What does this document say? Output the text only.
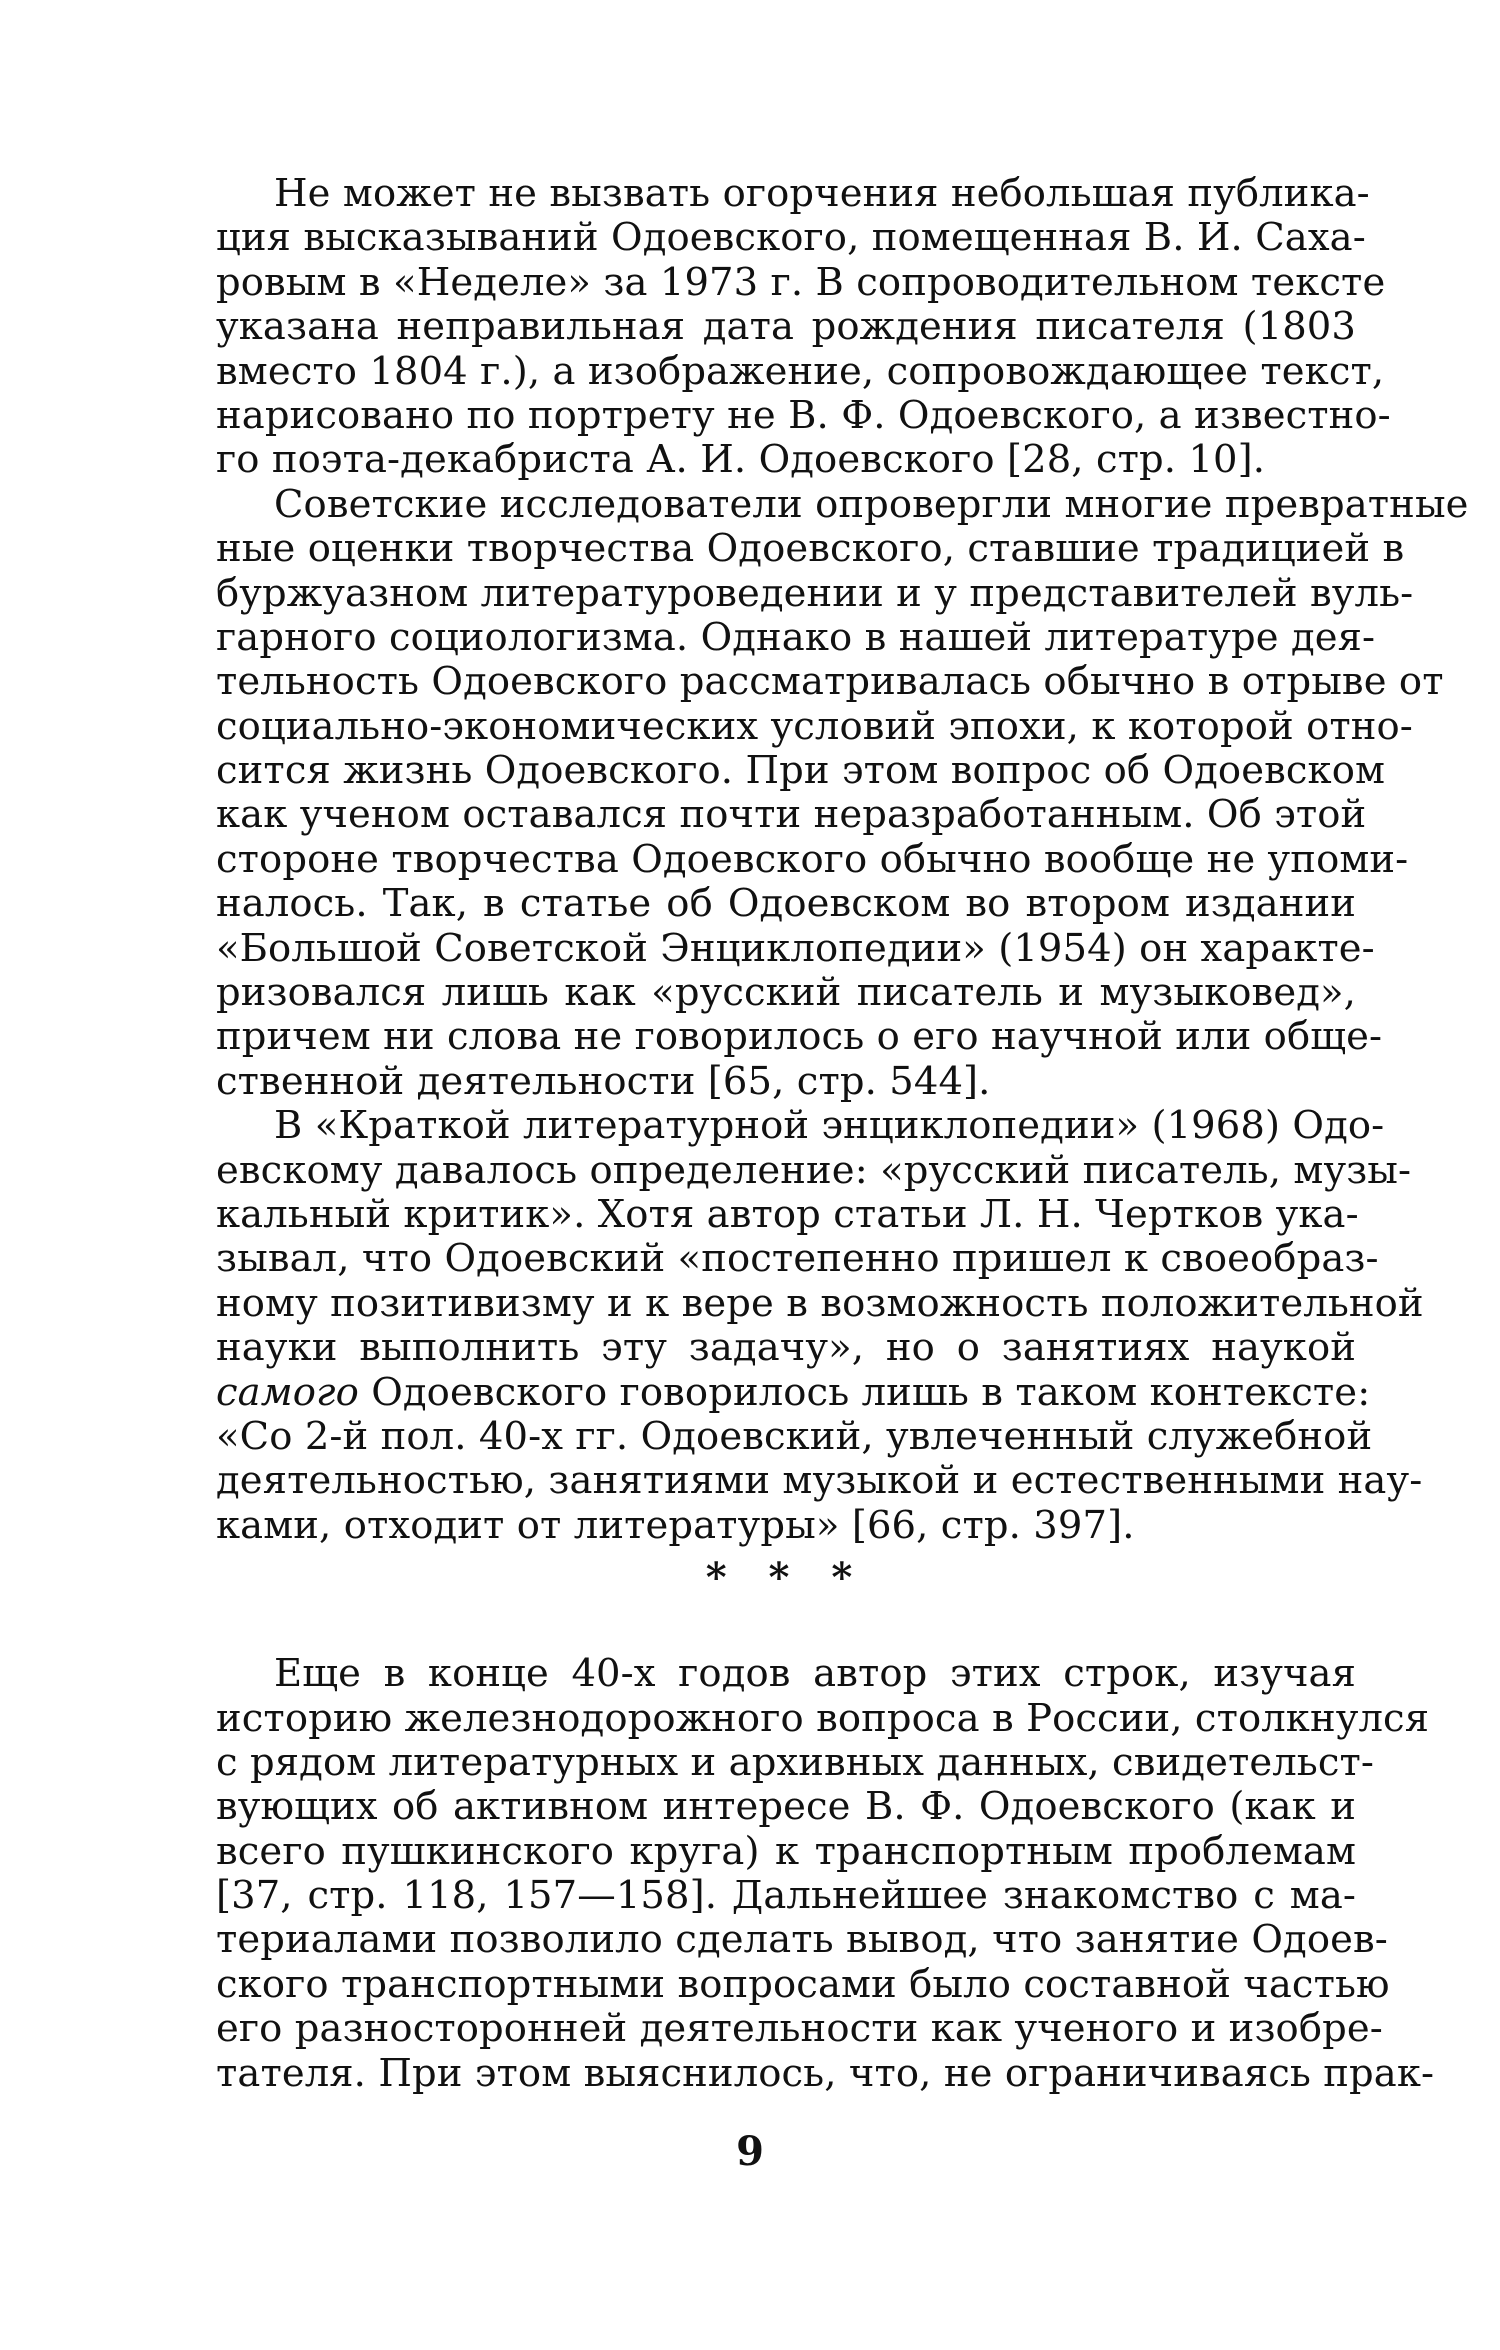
Не может не вызвать огорчения небольшая публика-
ция высказываний Одоевского, помещенная В. И. Саха-
ровым в «Неделе» за 1973 г. В сопроводительном тексте
указана неправильная дата рождения писателя (1803
вместо 1804 г.), а изображение, сопровождающее текст,
нарисовано по портрету не В. Ф. Одоевского, а известно-
го поэта-декабриста А. И. Одоевского [28, стр. 10].
Советские исследователи опровергли многие превратные
ные оценки творчества Одоевского, ставшие традицией в
буржуазном литературоведении и у представителей вуль-
гарного социологизма. Однако в нашей литературе дея-
тельность Одоевского рассматривалась обычно в отрыве от
социально-экономических условий эпохи, к которой отно-
сится жизнь Одоевского. При этом вопрос об Одоевском
как ученом оставался почти неразработанным. Об этой
стороне творчества Одоевского обычно вообще не упоми-
налось. Так, в статье об Одоевском во втором издании
«Большой Советской Энциклопедии» (1954) он характе-
ризовался лишь как «русский писатель и музыковед»,
причем ни слова не говорилось о его научной или обще-
ственной деятельности [65, стр. 544].
В «Краткой литературной энциклопедии» (1968) Одо-
евскому давалось определение: «русский писатель, музы-
кальный критик». Хотя автор статьи Л. Н. Чертков ука-
зывал, что Одоевский «постепенно пришел к своеобраз-
ному позитивизму и к вере в возможность положительной
науки выполнить эту задачу», но о занятиях наукой
самого Одоевского говорилось лишь в таком контексте:
«Со 2-й пол. 40-х гг. Одоевский, увлеченный служебной
деятельностью, занятиями музыкой и естественными нау-
ками, отходит от литературы» [66, стр. 397].
* * *
Еще в конце 40-х годов автор этих строк, изучая
историю железнодорожного вопроса в России, столкнулся
с рядом литературных и архивных данных, свидетельст-
вующих об активном интересе В. Ф. Одоевского (как и
всего пушкинского круга) к транспортным проблемам
[37, стр. 118, 157—158]. Дальнейшее знакомство с ма-
териалами позволило сделать вывод, что занятие Одоев-
ского транспортными вопросами было составной частью
его разносторонней деятельности как ученого и изобре-
тателя. При этом выяснилось, что, не ограничиваясь прак-
9
